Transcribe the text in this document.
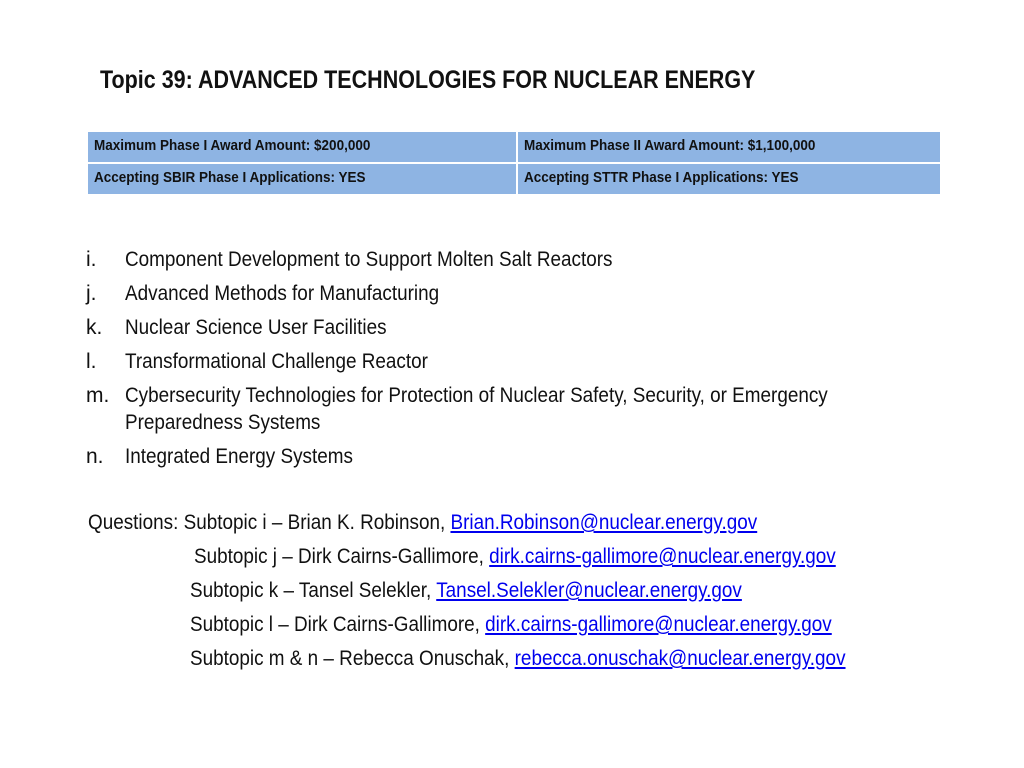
Topic 39: ADVANCED TECHNOLOGIES FOR NUCLEAR ENERGY
Maximum Phase I Award Amount: $200,000	Maximum Phase II Award Amount: $1,100,000
Accepting SBIR Phase I Applications: YES	Accepting STTR Phase I Applications: YES
i.	Component Development to Support Molten Salt Reactors
j.	Advanced Methods for Manufacturing
k.	Nuclear Science User Facilities
l.	Transformational Challenge Reactor
m. Cybersecurity Technologies for Protection of Nuclear Safety, Security, or Emergency Preparedness Systems
n.	Integrated Energy Systems
Questions: Subtopic i – Brian K. Robinson, Brian.Robinson@nuclear.energy.gov
Subtopic j – Dirk Cairns-Gallimore, dirk.cairns-gallimore@nuclear.energy.gov
Subtopic k – Tansel Selekler, Tansel.Selekler@nuclear.energy.gov
Subtopic l – Dirk Cairns-Gallimore, dirk.cairns-gallimore@nuclear.energy.gov
Subtopic m & n – Rebecca Onuschak, rebecca.onuschak@nuclear.energy.gov
